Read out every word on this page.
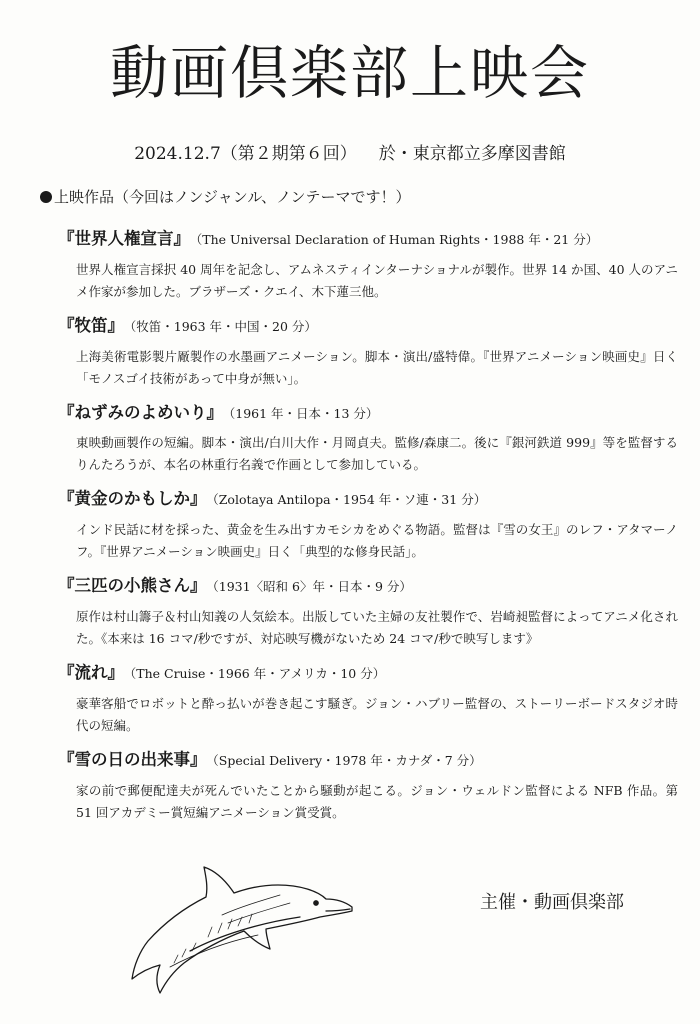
動画倶楽部上映会
2024.12.7（第２期第６回） 於・東京都立多摩図書館
上映作品（今回はノンジャンル、ノンテーマです！）
『世界人権宣言』 （The Universal Declaration of Human Rights・1988 年・21 分）
世界人権宣言採択 40 周年を記念し、アムネスティインターナショナルが製作。世界 14 か国、40 人のアニメ作家が参加した。ブラザーズ・クエイ、木下蓮三他。
『牧笛』 （牧笛・1963 年・中国・20 分）
上海美術電影製片厰製作の水墨画アニメーション。脚本・演出/盛特偉。『世界アニメーション映画史』日く「モノスゴイ技術があって中身が無い」。
『ねずみのよめいり』 （1961 年・日本・13 分）
東映動画製作の短編。脚本・演出/白川大作・月岡貞夫。監修/森康二。後に『銀河鉄道 999』等を監督するりんたろうが、本名の林重行名義で作画として参加している。
『黄金のかもしか』 （Zolotaya Antilopa・1954 年・ソ連・31 分）
インド民話に材を採った、黄金を生み出すカモシカをめぐる物語。監督は『雪の女王』のレフ・アタマーノフ。『世界アニメーション映画史』日く「典型的な修身民話」。
『三匹の小熊さん』 （1931〈昭和 6〉年・日本・9 分）
原作は村山籌子＆村山知義の人気絵本。出版していた主婦の友社製作で、岩崎昶監督によってアニメ化された。《本来は 16 コマ/秒ですが、対応映写機がないため 24 コマ/秒で映写します》
『流れ』 （The Cruise・1966 年・アメリカ・10 分）
豪華客船でロボットと酔っ払いが巻き起こす騒ぎ。ジョン・ハブリー監督の、ストーリーボードスタジオ時代の短編。
『雪の日の出来事』 （Special Delivery・1978 年・カナダ・7 分）
家の前で郵便配達夫が死んでいたことから騒動が起こる。ジョン・ウェルドン監督による NFB 作品。第 51 回アカデミー賞短編アニメーション賞受賞。
主催・動画倶楽部
